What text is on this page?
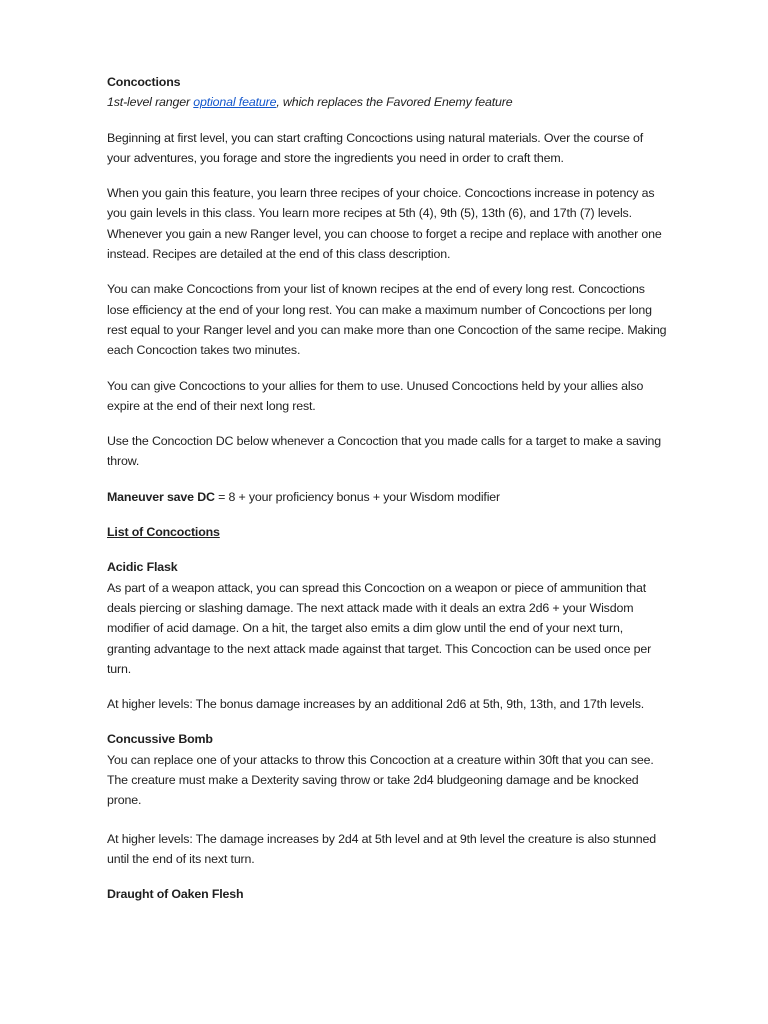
Concoctions

1st-level ranger optional feature, which replaces the Favored Enemy feature

Beginning at first level, you can start crafting Concoctions using natural materials. Over the course of your adventures, you forage and store the ingredients you need in order to craft them.

When you gain this feature, you learn three recipes of your choice. Concoctions increase in potency as you gain levels in this class. You learn more recipes at 5th (4), 9th (5), 13th (6), and 17th (7) levels. Whenever you gain a new Ranger level, you can choose to forget a recipe and replace with another one instead. Recipes are detailed at the end of this class description.

You can make Concoctions from your list of known recipes at the end of every long rest. Concoctions lose efficiency at the end of your long rest. You can make a maximum number of Concoctions per long rest equal to your Ranger level and you can make more than one Concoction of the same recipe. Making each Concoction takes two minutes.

You can give Concoctions to your allies for them to use. Unused Concoctions held by your allies also expire at the end of their next long rest.

Use the Concoction DC below whenever a Concoction that you made calls for a target to make a saving throw.

Maneuver save DC = 8 + your proficiency bonus + your Wisdom modifier

List of Concoctions

Acidic Flask

As part of a weapon attack, you can spread this Concoction on a weapon or piece of ammunition that deals piercing or slashing damage. The next attack made with it deals an extra 2d6 + your Wisdom modifier of acid damage. On a hit, the target also emits a dim glow until the end of your next turn, granting advantage to the next attack made against that target. This Concoction can be used once per turn.

At higher levels: The bonus damage increases by an additional 2d6 at 5th, 9th, 13th, and 17th levels.

Concussive Bomb

You can replace one of your attacks to throw this Concoction at a creature within 30ft that you can see. The creature must make a Dexterity saving throw or take 2d4 bludgeoning damage and be knocked prone.

At higher levels: The damage increases by 2d4 at 5th level and at 9th level the creature is also stunned until the end of its next turn.

Draught of Oaken Flesh
